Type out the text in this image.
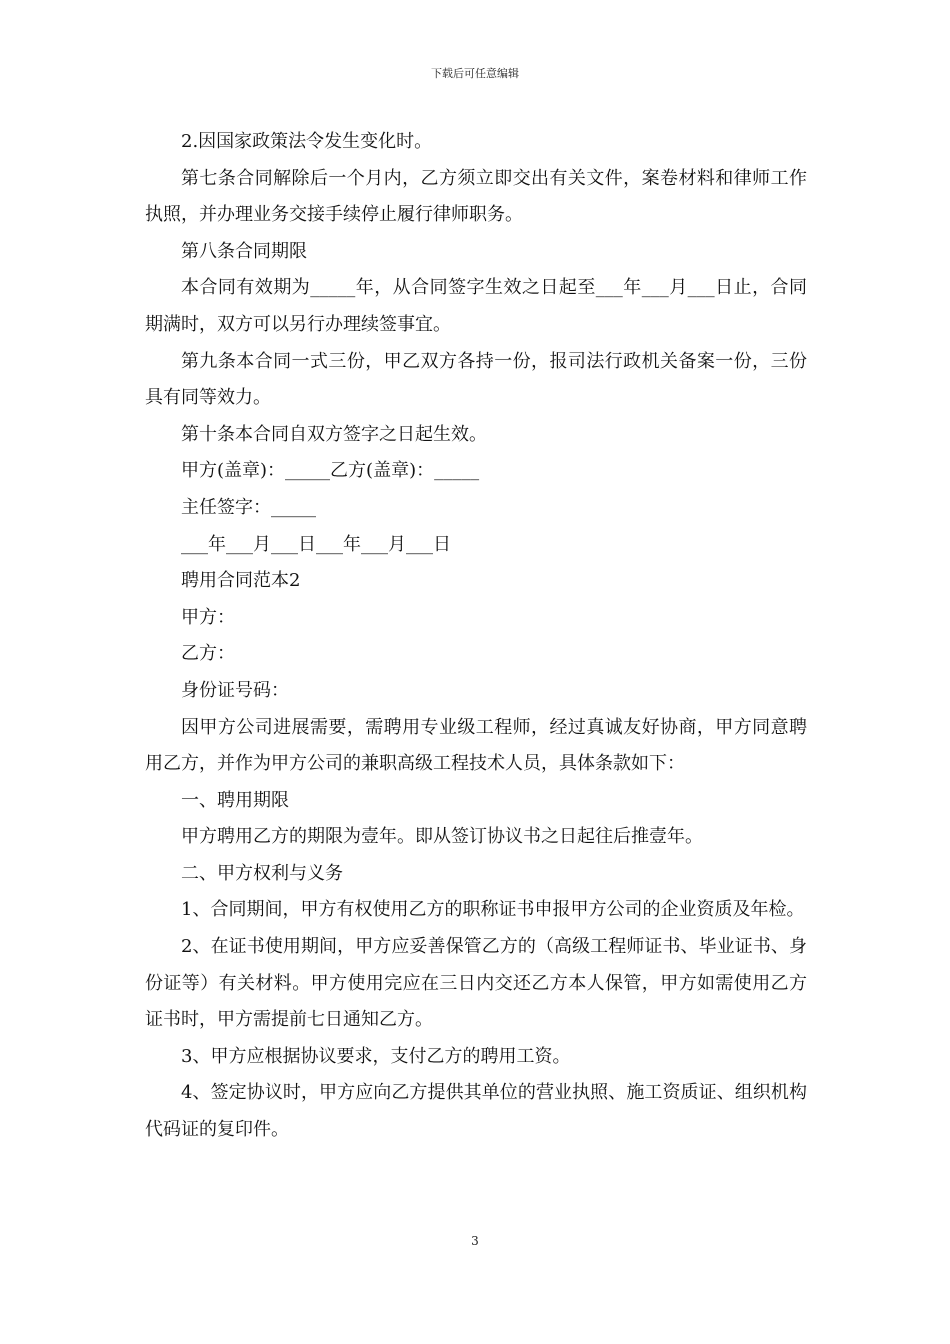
下载后可任意编辑

2.因国家政策法令发生变化时。

第七条合同解除后一个月内，乙方须立即交出有关文件，案卷材料和律师工作执照，并办理业务交接手续停止履行律师职务。

第八条合同期限

本合同有效期为_____年，从合同签字生效之日起至___年___月___日止，合同期满时，双方可以另行办理续签事宜。

第九条本合同一式三份，甲乙双方各持一份，报司法行政机关备案一份，三份具有同等效力。

第十条本合同自双方签字之日起生效。

甲方(盖章)：_____乙方(盖章)：_____

主任签字：_____

___年___月___日___年___月___日

聘用合同范本2

甲方：

乙方：

身份证号码：

因甲方公司进展需要，需聘用专业级工程师，经过真诚友好协商，甲方同意聘用乙方，并作为甲方公司的兼职高级工程技术人员，具体条款如下：

一、聘用期限

甲方聘用乙方的期限为壹年。即从签订协议书之日起往后推壹年。

二、甲方权利与义务

1、合同期间，甲方有权使用乙方的职称证书申报甲方公司的企业资质及年检。

2、在证书使用期间，甲方应妥善保管乙方的（高级工程师证书、毕业证书、身份证等）有关材料。甲方使用完应在三日内交还乙方本人保管，甲方如需使用乙方证书时，甲方需提前七日通知乙方。

3、甲方应根据协议要求，支付乙方的聘用工资。

4、签定协议时，甲方应向乙方提供其单位的营业执照、施工资质证、组织机构代码证的复印件。

3
